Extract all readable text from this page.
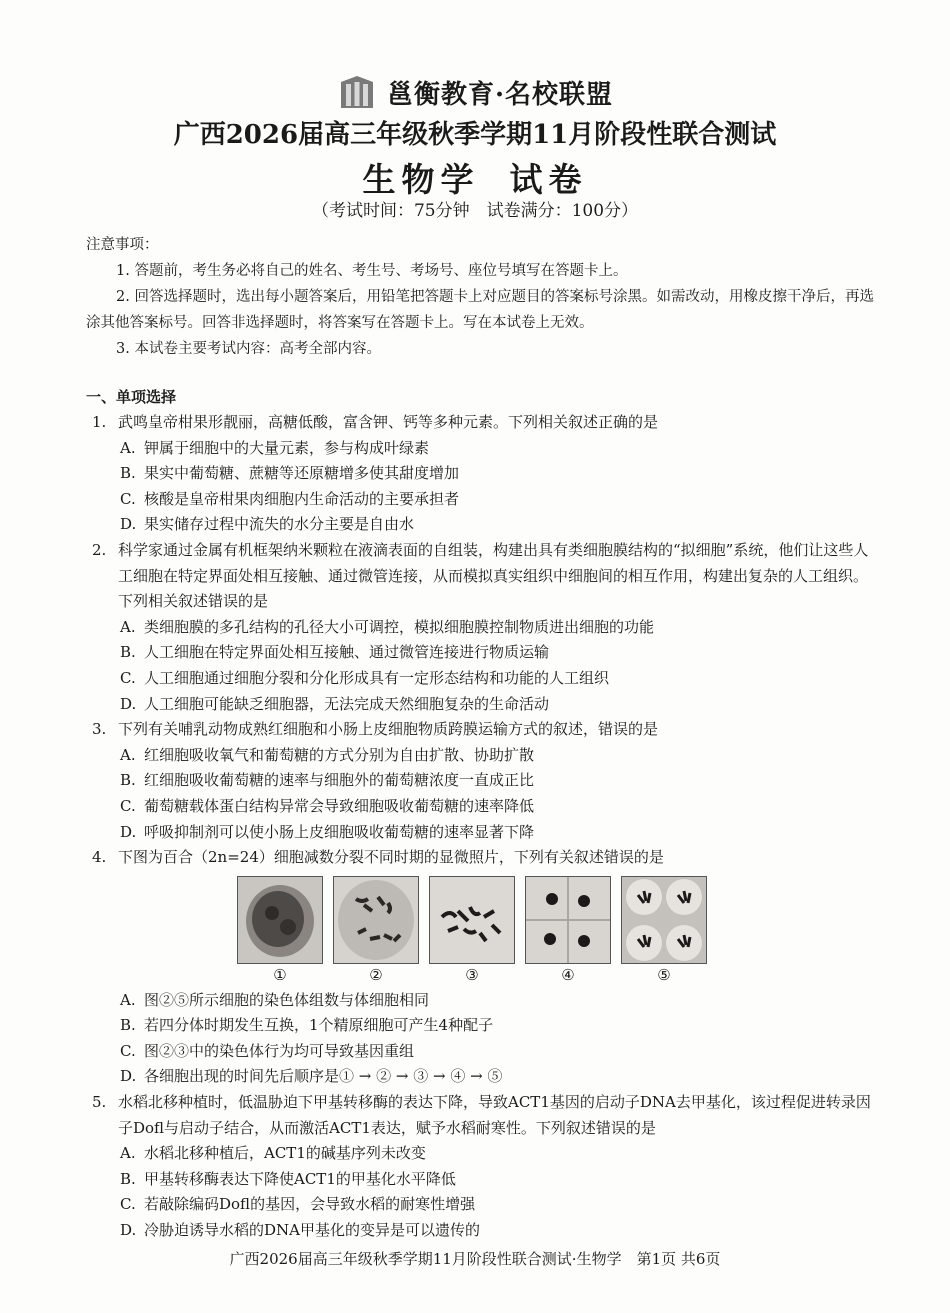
邕衡教育·名校联盟
广西2026届高三年级秋季学期11月阶段性联合测试
生物学 试卷
（考试时间：75分钟　试卷满分：100分）
注意事项：
1. 答题前，考生务必将自己的姓名、考生号、考场号、座位号填写在答题卡上。
2. 回答选择题时，选出每小题答案后，用铅笔把答题卡上对应题目的答案标号涂黑。如需改动，用橡皮擦干净后，再选涂其他答案标号。回答非选择题时，将答案写在答题卡上。写在本试卷上无效。
3. 本试卷主要考试内容：高考全部内容。
一、单项选择
1. 武鸣皇帝柑果形靓丽，高糖低酸，富含钾、钙等多种元素。下列相关叙述正确的是
A. 钾属于细胞中的大量元素，参与构成叶绿素
B. 果实中葡萄糖、蔗糖等还原糖增多使其甜度增加
C. 核酸是皇帝柑果肉细胞内生命活动的主要承担者
D. 果实储存过程中流失的水分主要是自由水
2. 科学家通过金属有机框架纳米颗粒在液滴表面的自组装，构建出具有类细胞膜结构的“拟细胞”系统，他们让这些人工细胞在特定界面处相互接触、通过微管连接，从而模拟真实组织中细胞间的相互作用，构建出复杂的人工组织。下列相关叙述错误的是
A. 类细胞膜的多孔结构的孔径大小可调控，模拟细胞膜控制物质进出细胞的功能
B. 人工细胞在特定界面处相互接触、通过微管连接进行物质运输
C. 人工细胞通过细胞分裂和分化形成具有一定形态结构和功能的人工组织
D. 人工细胞可能缺乏细胞器，无法完成天然细胞复杂的生命活动
3. 下列有关哺乳动物成熟红细胞和小肠上皮细胞物质跨膜运输方式的叙述，错误的是
A. 红细胞吸收氧气和葡萄糖的方式分别为自由扩散、协助扩散
B. 红细胞吸收葡萄糖的速率与细胞外的葡萄糖浓度一直成正比
C. 葡萄糖载体蛋白结构异常会导致细胞吸收葡萄糖的速率降低
D. 呼吸抑制剂可以使小肠上皮细胞吸收葡萄糖的速率显著下降
4. 下图为百合（2n=24）细胞减数分裂不同时期的显微照片，下列有关叙述错误的是
①	②	③	④	⑤
A. 图②⑤所示细胞的染色体组数与体细胞相同
B. 若四分体时期发生互换，1个精原细胞可产生4种配子
C. 图②③中的染色体行为均可导致基因重组
D. 各细胞出现的时间先后顺序是① → ② → ③ → ④ → ⑤
5. 水稻北移种植时，低温胁迫下甲基转移酶的表达下降，导致ACT1基因的启动子DNA去甲基化，该过程促进转录因子Dofl与启动子结合，从而激活ACT1表达，赋予水稻耐寒性。下列叙述错误的是
A. 水稻北移种植后，ACT1的碱基序列未改变
B. 甲基转移酶表达下降使ACT1的甲基化水平降低
C. 若敲除编码Dofl的基因，会导致水稻的耐寒性增强
D. 冷胁迫诱导水稻的DNA甲基化的变异是可以遗传的
广西2026届高三年级秋季学期11月阶段性联合测试·生物学　第1页 共6页
